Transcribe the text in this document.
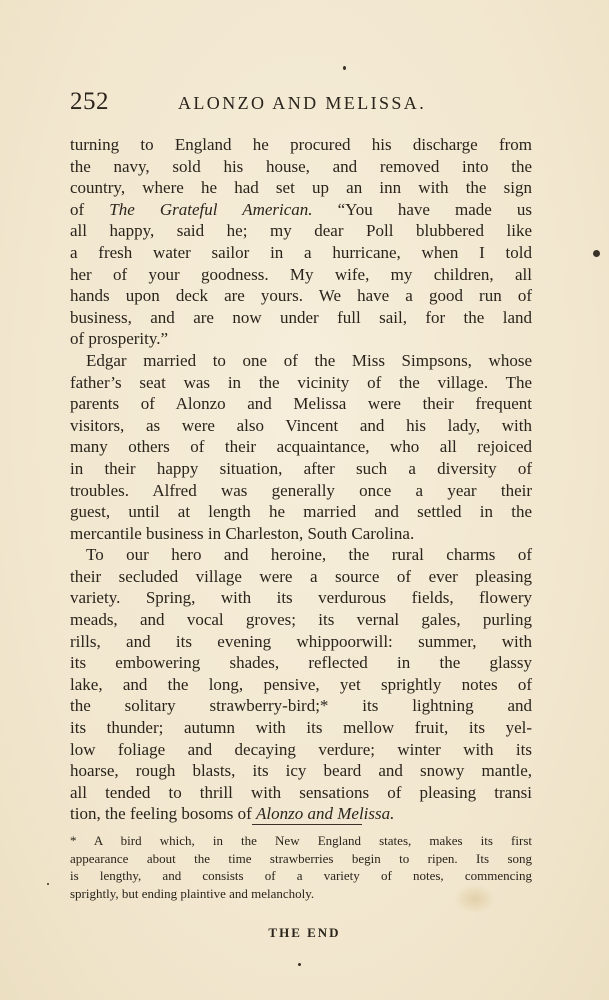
252	ALONZO AND MELISSA.
turning to England he procured his discharge from
the navy, sold his house, and removed into the
country, where he had set up an inn with the sign
of The Grateful American. “You have made us
all happy, said he; my dear Poll blubbered like
a fresh water sailor in a hurricane, when I told
her of your goodness. My wife, my children, all
hands upon deck are yours. We have a good run of
business, and are now under full sail, for the land
of prosperity.”
Edgar married to one of the Miss Simpsons, whose
father’s seat was in the vicinity of the village. The
parents of Alonzo and Melissa were their frequent
visitors, as were also Vincent and his lady, with
many others of their acquaintance, who all rejoiced
in their happy situation, after such a diversity of
troubles. Alfred was generally once a year their
guest, until at length he married and settled in the
mercantile business in Charleston, South Carolina.
To our hero and heroine, the rural charms of
their secluded village were a source of ever pleasing
variety. Spring, with its verdurous fields, flowery
meads, and vocal groves; its vernal gales, purling
rills, and its evening whippoorwill: summer, with
its embowering shades, reflected in the glassy
lake, and the long, pensive, yet sprightly notes of
the solitary strawberry-bird;* its lightning and
its thunder; autumn with its mellow fruit, its yel-
low foliage and decaying verdure; winter with its
hoarse, rough blasts, its icy beard and snowy mantle,
all tended to thrill with sensations of pleasing transi
tion, the feeling bosoms of Alonzo and Melissa.
* A bird which, in the New England states, makes its first
appearance about the time strawberries begin to ripen. Its song
is lengthy, and consists of a variety of notes, commencing
sprightly, but ending plaintive and melancholy.
THE END
